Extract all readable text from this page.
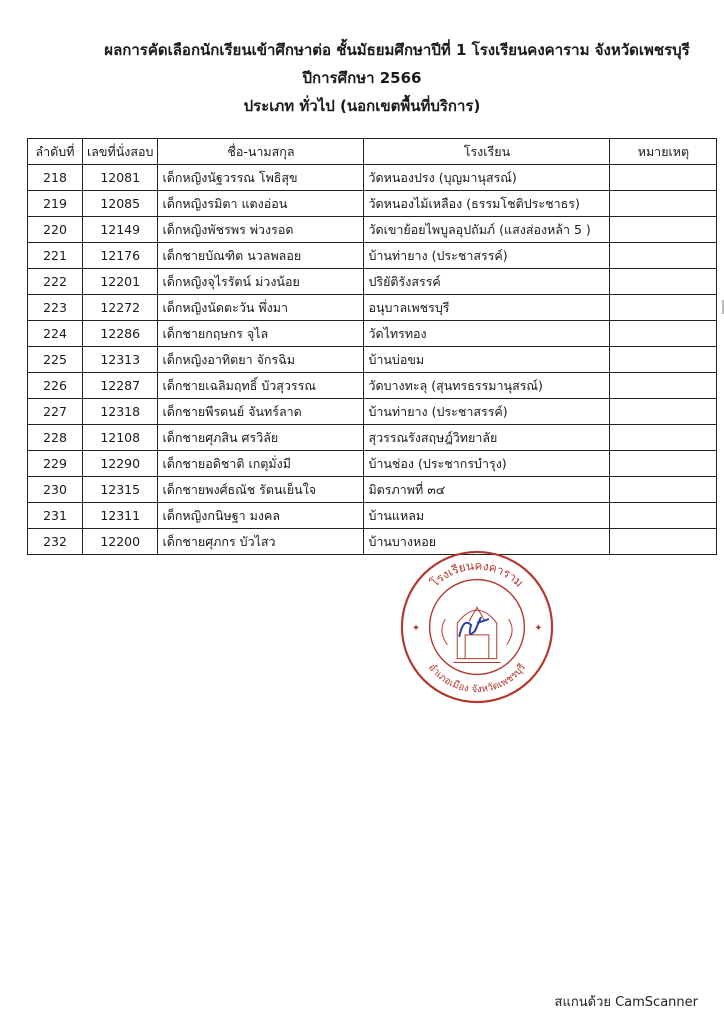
ผลการคัดเลือกนักเรียนเข้าศึกษาต่อ ชั้นมัธยมศึกษาปีที่ 1 โรงเรียนคงคาราม จังหวัดเพชรบุรี
ปีการศึกษา 2566
ประเภท ทั่วไป (นอกเขตพื้นที่บริการ)
ลำดับที่	เลขที่นั่งสอบ	ชื่อ-นามสกุล	โรงเรียน	หมายเหตุ
218	12081	เด็กหญิงนัฐวรรณ โพธิสุข	วัดหนองปรง (บุญมานุสรณ์)	
219	12085	เด็กหญิงรมิตา แตงอ่อน	วัดหนองไม้เหลือง (ธรรมโชติประชาธร)	
220	12149	เด็กหญิงพัชรพร พ่วงรอด	วัดเขาย้อยไพบูลอุปถัมภ์ (แสงส่องหล้า 5 )	
221	12176	เด็กชายบัณฑิต นวลพลอย	บ้านท่ายาง (ประชาสรรค์)	
222	12201	เด็กหญิงจุไรรัตน์ ม่วงน้อย	ปริยัติรังสรรค์	
223	12272	เด็กหญิงนัดตะวัน พึ่งมา	อนุบาลเพชรบุรี	
224	12286	เด็กชายกฤษกร จุไล	วัดไทรทอง	
225	12313	เด็กหญิงอาทิตยา จักรฉิม	บ้านบ่อขม	
226	12287	เด็กชายเฉลิมฤทธิ์ บัวสุวรรณ	วัดบางทะลุ (สุนทรธรรมานุสรณ์)	
227	12318	เด็กชายพีรดนย์ จันทร์ลาด	บ้านท่ายาง (ประชาสรรค์)	
228	12108	เด็กชายศุภสิน ศรวิลัย	สุวรรณรังสฤษฎ์วิทยาลัย	
229	12290	เด็กชายอดิชาติ เกตุมั่งมี	บ้านช่อง (ประชากรบำรุง)	
230	12315	เด็กชายพงศ์ธณัช รัตนเย็นใจ	มิตรภาพที่ ๓๔	
231	12311	เด็กหญิงกนิษฐา มงคล	บ้านแหลม	
232	12200	เด็กชายศุภกร บัวไสว	บ้านบางหอย	
โรงเรียนคงคาราม
อำเภอเมือง จังหวัดเพชรบุรี
✦	✦
สแกนด้วย CamScanner
